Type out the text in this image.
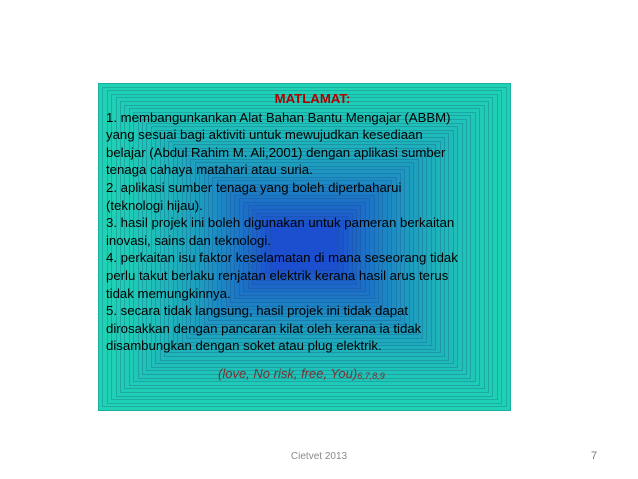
MATLAMAT:

1. membangunkankan Alat Bahan Bantu Mengajar (ABBM)

yang sesuai bagi aktiviti untuk mewujudkan kesediaan

belajar (Abdul Rahim M. Ali,2001) dengan aplikasi sumber

tenaga cahaya matahari atau suria.

2. aplikasi sumber tenaga yang boleh diperbaharui

(teknologi hijau).

3. hasil projek ini boleh digunakan untuk pameran berkaitan

inovasi, sains dan teknologi.

4. perkaitan isu faktor keselamatan di mana seseorang tidak

perlu takut berlaku renjatan elektrik kerana hasil arus terus

tidak memungkinnya.

5. secara tidak langsung, hasil projek ini tidak dapat

dirosakkan dengan pancaran kilat oleh kerana ia tidak

disambungkan dengan soket atau plug elektrik.

(love, No risk, free, $You)_{6,7,8,9}$
Cietvet 2013	7
